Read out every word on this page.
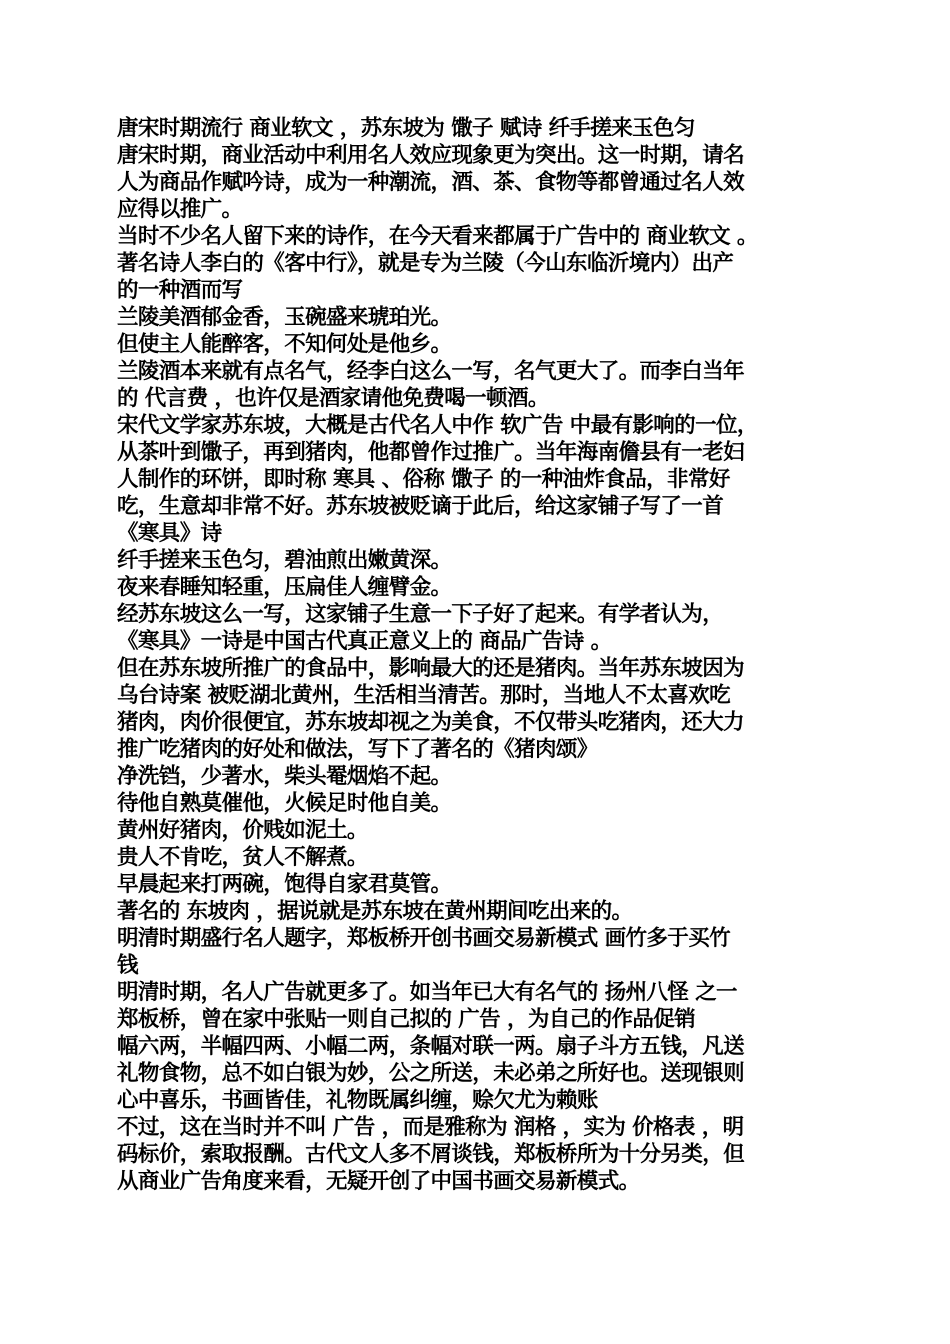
唐宋时期流行 商业软文 ，苏东坡为 馓子 赋诗 纤手搓来玉色匀
唐宋时期，商业活动中利用名人效应现象更为突出。这一时期，请名
人为商品作赋吟诗，成为一种潮流，酒、茶、食物等都曾通过名人效
应得以推广。
当时不少名人留下来的诗作，在今天看来都属于广告中的 商业软文 。
著名诗人李白的《客中行》，就是专为兰陵（今山东临沂境内）出产
的一种酒而写
兰陵美酒郁金香，玉碗盛来琥珀光。
但使主人能醉客，不知何处是他乡。
兰陵酒本来就有点名气，经李白这么一写，名气更大了。而李白当年
的 代言费 ，也许仅是酒家请他免费喝一顿酒。
宋代文学家苏东坡，大概是古代名人中作 软广告 中最有影响的一位，
从茶叶到馓子，再到猪肉，他都曾作过推广。当年海南儋县有一老妇
人制作的环饼，即时称 寒具 、俗称 馓子 的一种油炸食品，非常好
吃，生意却非常不好。苏东坡被贬谪于此后，给这家铺子写了一首
《寒具》诗
纤手搓来玉色匀，碧油煎出嫩黄深。
夜来春睡知轻重，压扁佳人缠臂金。
经苏东坡这么一写，这家铺子生意一下子好了起来。有学者认为，
《寒具》一诗是中国古代真正意义上的 商品广告诗 。
但在苏东坡所推广的食品中，影响最大的还是猪肉。当年苏东坡因为
乌台诗案 被贬湖北黄州，生活相当清苦。那时，当地人不太喜欢吃
猪肉，肉价很便宜，苏东坡却视之为美食，不仅带头吃猪肉，还大力
推广吃猪肉的好处和做法，写下了著名的《猪肉颂》
净洗铛，少著水，柴头罨烟焰不起。
待他自熟莫催他，火候足时他自美。
黄州好猪肉，价贱如泥土。
贵人不肯吃，贫人不解煮。
早晨起来打两碗，饱得自家君莫管。
著名的 东坡肉 ，据说就是苏东坡在黄州期间吃出来的。
明清时期盛行名人题字，郑板桥开创书画交易新模式 画竹多于买竹
钱
明清时期，名人广告就更多了。如当年已大有名气的 扬州八怪 之一
郑板桥，曾在家中张贴一则自己拟的 广告 ，为自己的作品促销
幅六两，半幅四两、小幅二两，条幅对联一两。扇子斗方五钱，凡送
礼物食物，总不如白银为妙，公之所送，未必弟之所好也。送现银则
心中喜乐，书画皆佳，礼物既属纠缠，赊欠尤为赖账
不过，这在当时并不叫 广告 ，而是雅称为 润格 ，实为 价格表 ，明
码标价，索取报酬。古代文人多不屑谈钱，郑板桥所为十分另类，但
从商业广告角度来看，无疑开创了中国书画交易新模式。
